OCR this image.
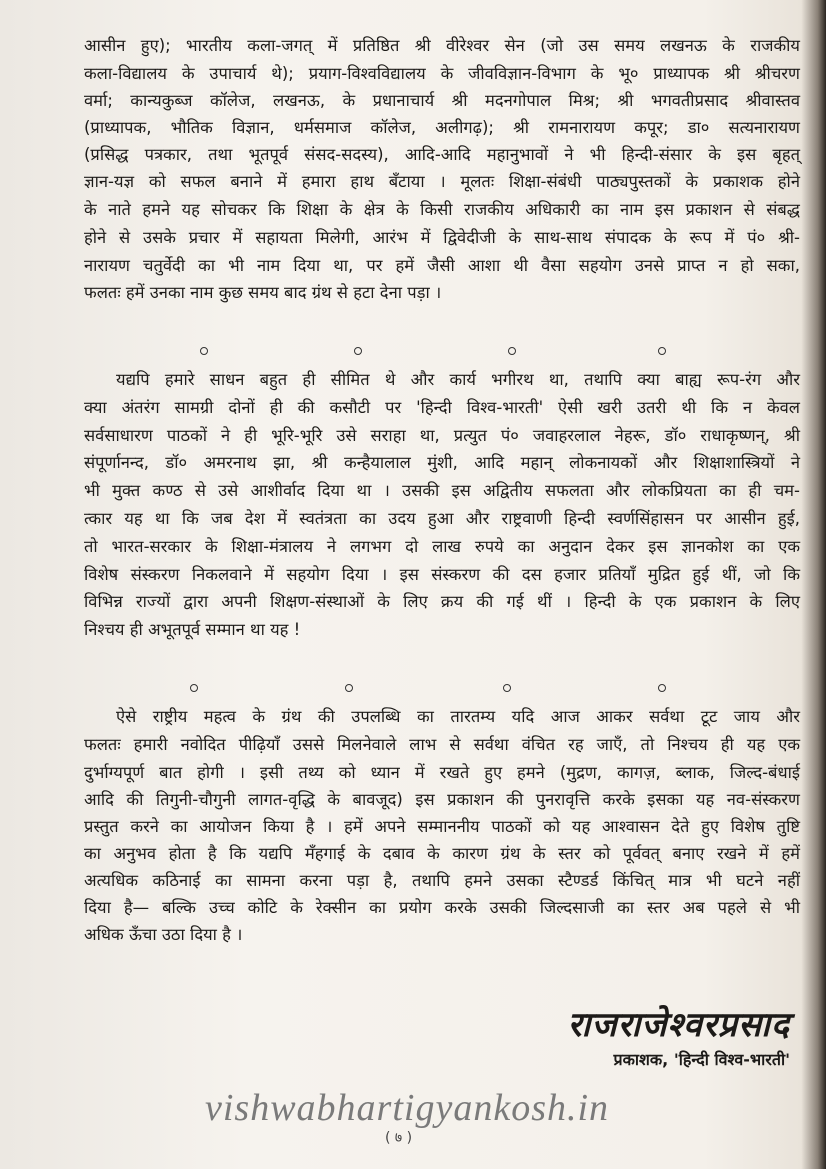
आसीन हुए); भारतीय कला-जगत् में प्रतिष्ठित श्री वीरेश्वर सेन (जो उस समय लखनऊ के राजकीय
कला-विद्यालय के उपाचार्य थे); प्रयाग-विश्वविद्यालय के जीवविज्ञान-विभाग के भू० प्राध्यापक श्री श्रीचरण
वर्मा; कान्यकुब्ज कॉलेज, लखनऊ, के प्रधानाचार्य श्री मदनगोपाल मिश्र; श्री भगवतीप्रसाद श्रीवास्तव
(प्राध्यापक, भौतिक विज्ञान, धर्मसमाज कॉलेज, अलीगढ़); श्री रामनारायण कपूर; डा० सत्यनारायण
(प्रसिद्ध पत्रकार, तथा भूतपूर्व संसद-सदस्य), आदि-आदि महानुभावों ने भी हिन्दी-संसार के इस बृहत्
ज्ञान-यज्ञ को सफल बनाने में हमारा हाथ बँटाया । मूलतः शिक्षा-संबंधी पाठ्यपुस्तकों के प्रकाशक होने
के नाते हमने यह सोचकर कि शिक्षा के क्षेत्र के किसी राजकीय अधिकारी का नाम इस प्रकाशन से संबद्ध
होने से उसके प्रचार में सहायता मिलेगी, आरंभ में द्विवेदीजी के साथ-साथ संपादक के रूप में पं० श्री-
नारायण चतुर्वेदी का भी नाम दिया था, पर हमें जैसी आशा थी वैसा सहयोग उनसे प्राप्त न हो सका,
फलतः हमें उनका नाम कुछ समय बाद ग्रंथ से हटा देना पड़ा ।
यद्यपि हमारे साधन बहुत ही सीमित थे और कार्य भगीरथ था, तथापि क्या बाह्य रूप-रंग और
क्या अंतरंग सामग्री दोनों ही की कसौटी पर 'हिन्दी विश्व-भारती' ऐसी खरी उतरी थी कि न केवल
सर्वसाधारण पाठकों ने ही भूरि-भूरि उसे सराहा था, प्रत्युत पं० जवाहरलाल नेहरू, डॉ० राधाकृष्णन्, श्री
संपूर्णानन्द, डॉ० अमरनाथ झा, श्री कन्हैयालाल मुंशी, आदि महान् लोकनायकों और शिक्षाशास्त्रियों ने
भी मुक्त कण्ठ से उसे आशीर्वाद दिया था । उसकी इस अद्वितीय सफलता और लोकप्रियता का ही चम-
त्कार यह था कि जब देश में स्वतंत्रता का उदय हुआ और राष्ट्रवाणी हिन्दी स्वर्णसिंहासन पर आसीन हुई,
तो भारत-सरकार के शिक्षा-मंत्रालय ने लगभग दो लाख रुपये का अनुदान देकर इस ज्ञानकोश का एक
विशेष संस्करण निकलवाने में सहयोग दिया । इस संस्करण की दस हजार प्रतियाँ मुद्रित हुई थीं, जो कि
विभिन्न राज्यों द्वारा अपनी शिक्षण-संस्थाओं के लिए क्रय की गई थीं । हिन्दी के एक प्रकाशन के लिए
निश्चय ही अभूतपूर्व सम्मान था यह !
ऐसे राष्ट्रीय महत्व के ग्रंथ की उपलब्धि का तारतम्य यदि आज आकर सर्वथा टूट जाय और
फलतः हमारी नवोदित पीढ़ियाँ उससे मिलनेवाले लाभ से सर्वथा वंचित रह जाएँ, तो निश्चय ही यह एक
दुर्भाग्यपूर्ण बात होगी । इसी तथ्य को ध्यान में रखते हुए हमने (मुद्रण, कागज़, ब्लाक, जिल्द-बंधाई
आदि की तिगुनी-चौगुनी लागत-वृद्धि के बावजूद) इस प्रकाशन की पुनरावृत्ति करके इसका यह नव-संस्करण
प्रस्तुत करने का आयोजन किया है । हमें अपने सम्माननीय पाठकों को यह आश्वासन देते हुए विशेष तुष्टि
का अनुभव होता है कि यद्यपि मँहगाई के दबाव के कारण ग्रंथ के स्तर को पूर्ववत् बनाए रखने में हमें
अत्यधिक कठिनाई का सामना करना पड़ा है, तथापि हमने उसका स्टैण्डर्ड किंचित् मात्र भी घटने नहीं
दिया है— बल्कि उच्च कोटि के रेक्सीन का प्रयोग करके उसकी जिल्दसाजी का स्तर अब पहले से भी
अधिक ऊँचा उठा दिया है ।
राजराजेश्वरप्रसाद
प्रकाशक, 'हिन्दी विश्व-भारती'
vishwabhartigyankosh.in
( ७ )
